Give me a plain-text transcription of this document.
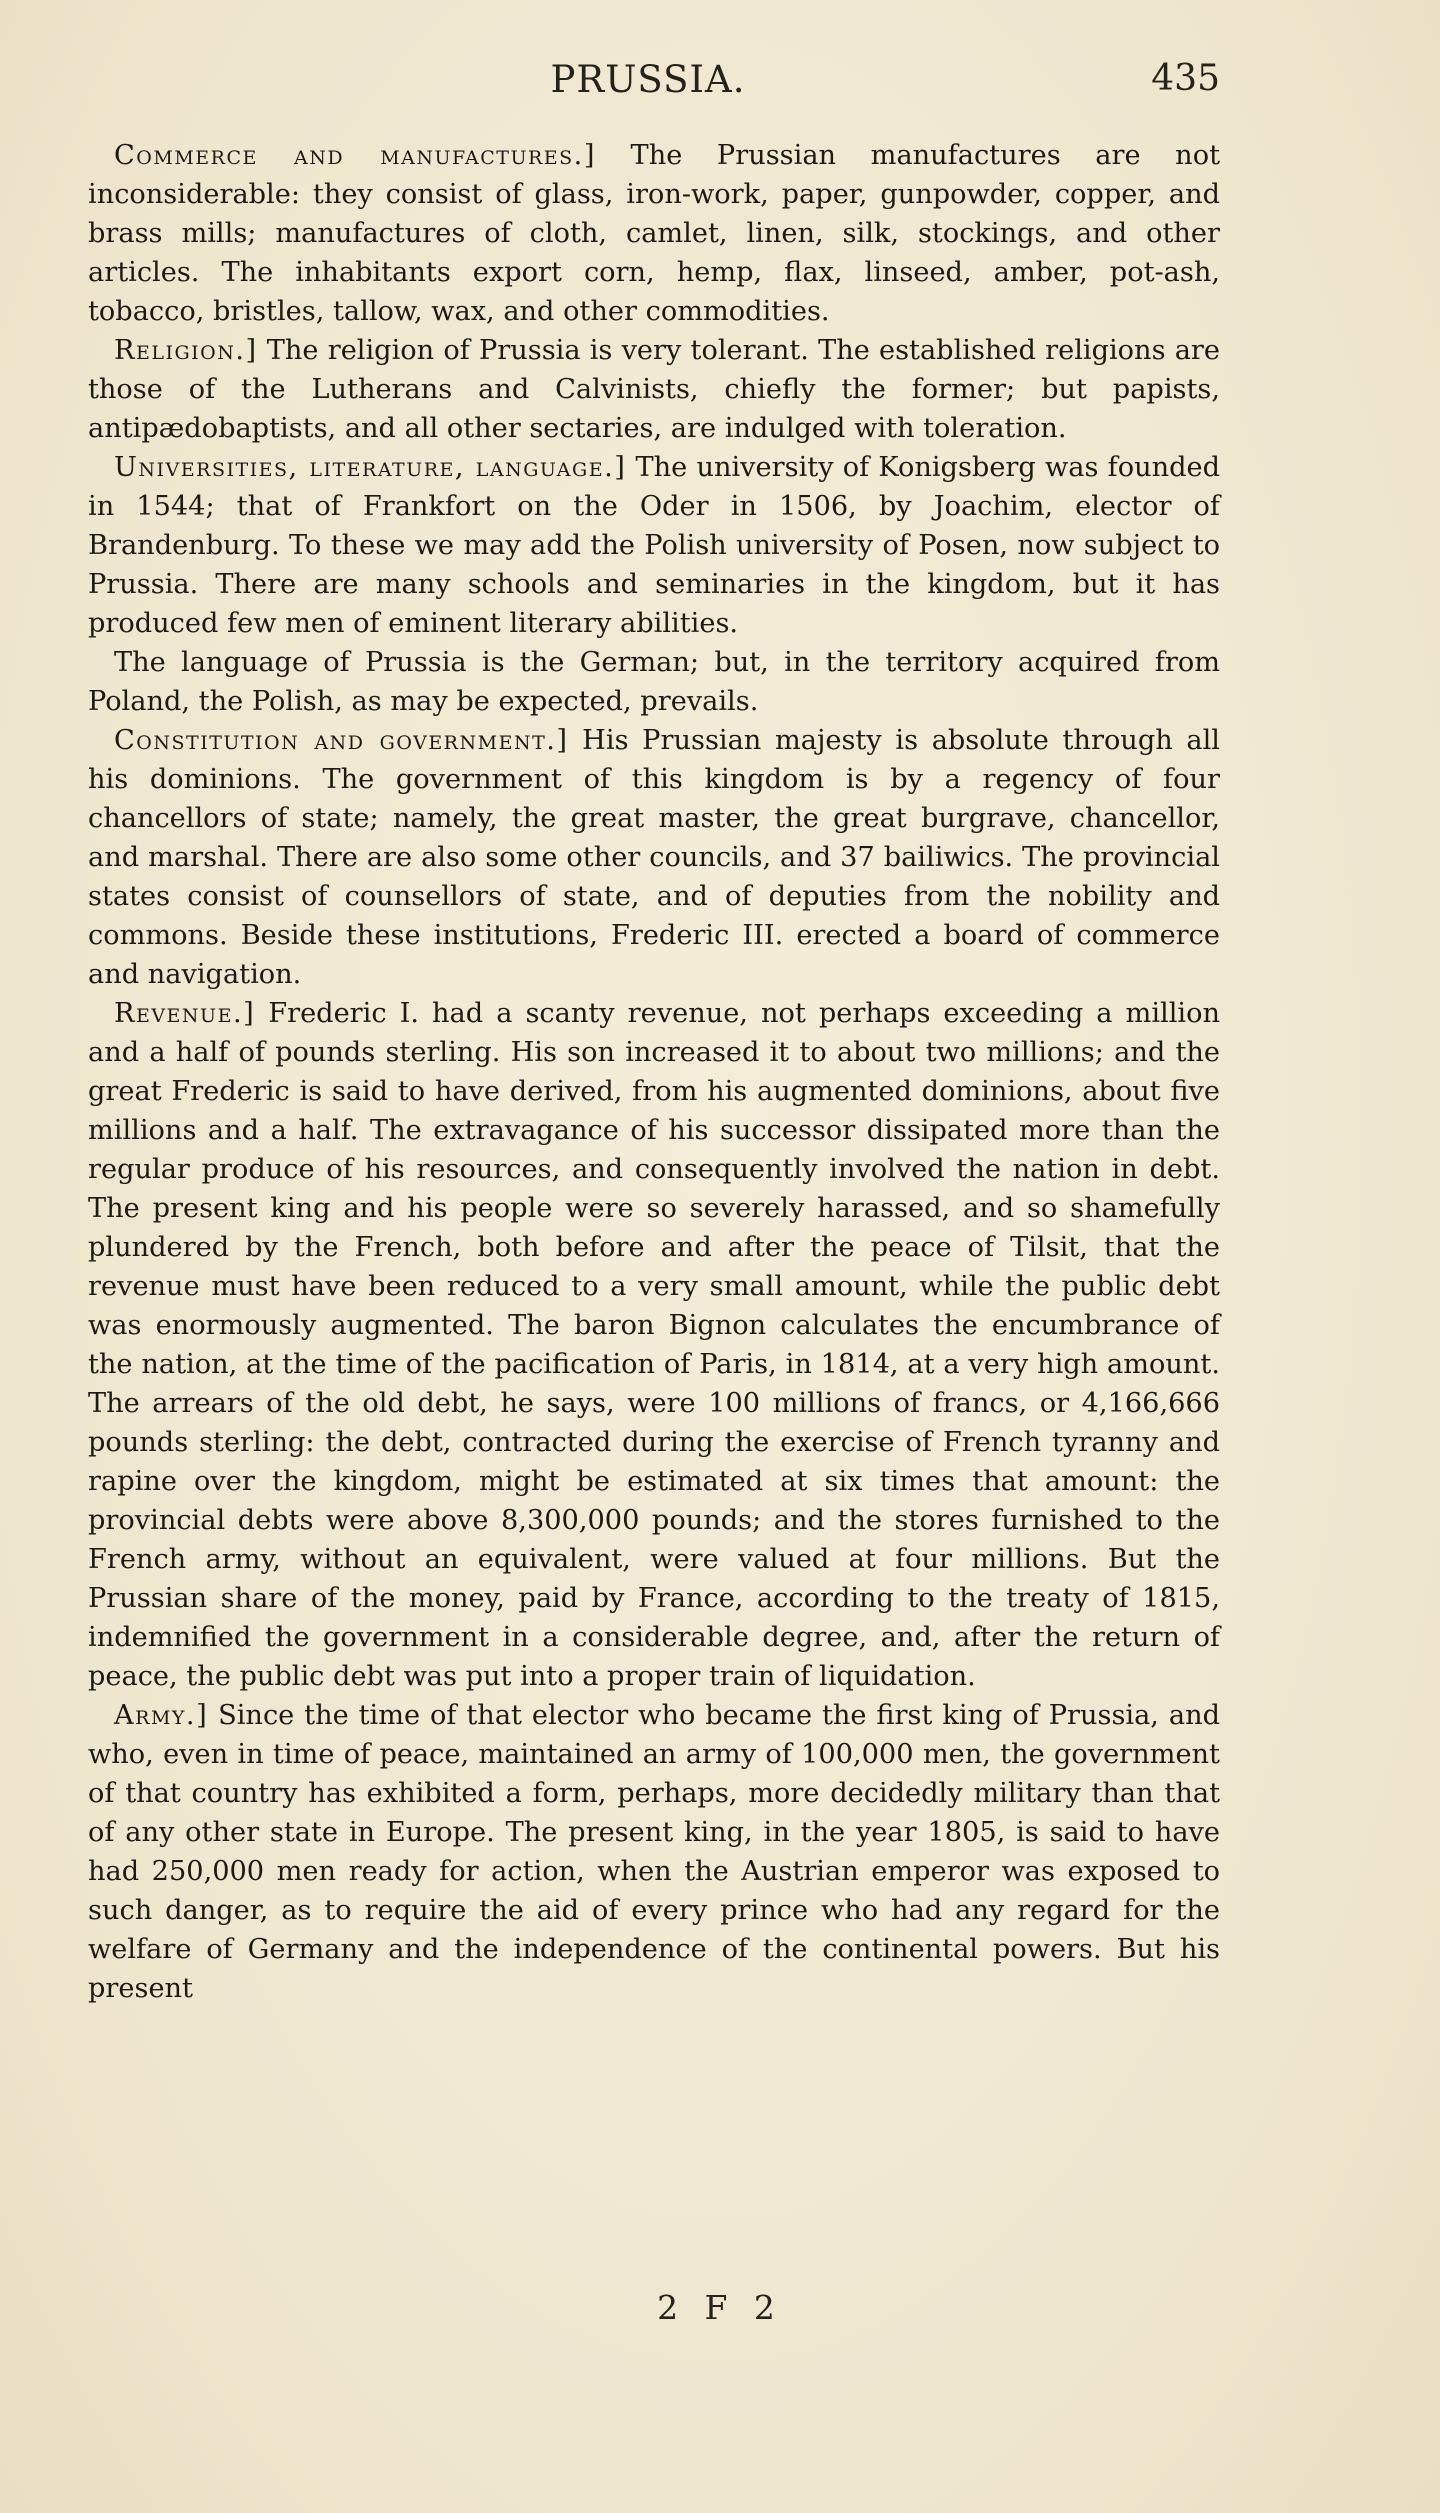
PRUSSIA.	435

Commerce and manufactures.] The Prussian manufactures are not inconsiderable: they consist of glass, iron-work, paper, gunpowder, copper, and brass mills; manufactures of cloth, camlet, linen, silk, stockings, and other articles. The inhabitants export corn, hemp, flax, linseed, amber, pot-ash, tobacco, bristles, tallow, wax, and other commodities.

Religion.] The religion of Prussia is very tolerant. The established religions are those of the Lutherans and Calvinists, chiefly the former; but papists, antipædobaptists, and all other sectaries, are indulged with toleration.

Universities, literature, language.] The university of Konigsberg was founded in 1544; that of Frankfort on the Oder in 1506, by Joachim, elector of Brandenburg. To these we may add the Polish university of Posen, now subject to Prussia. There are many schools and seminaries in the kingdom, but it has produced few men of eminent literary abilities.

The language of Prussia is the German; but, in the territory acquired from Poland, the Polish, as may be expected, prevails.

Constitution and government.] His Prussian majesty is absolute through all his dominions. The government of this kingdom is by a regency of four chancellors of state; namely, the great master, the great burgrave, chancellor, and marshal. There are also some other councils, and 37 bailiwics. The provincial states consist of counsellors of state, and of deputies from the nobility and commons. Beside these institutions, Frederic III. erected a board of commerce and navigation.

Revenue.] Frederic I. had a scanty revenue, not perhaps exceeding a million and a half of pounds sterling. His son increased it to about two millions; and the great Frederic is said to have derived, from his augmented dominions, about five millions and a half. The extravagance of his successor dissipated more than the regular produce of his resources, and consequently involved the nation in debt. The present king and his people were so severely harassed, and so shamefully plundered by the French, both before and after the peace of Tilsit, that the revenue must have been reduced to a very small amount, while the public debt was enormously augmented. The baron Bignon calculates the encumbrance of the nation, at the time of the pacification of Paris, in 1814, at a very high amount. The arrears of the old debt, he says, were 100 millions of francs, or 4,166,666 pounds sterling: the debt, contracted during the exercise of French tyranny and rapine over the kingdom, might be estimated at six times that amount: the provincial debts were above 8,300,000 pounds; and the stores furnished to the French army, without an equivalent, were valued at four millions. But the Prussian share of the money, paid by France, according to the treaty of 1815, indemnified the government in a considerable degree, and, after the return of peace, the public debt was put into a proper train of liquidation.

Army.] Since the time of that elector who became the first king of Prussia, and who, even in time of peace, maintained an army of 100,000 men, the government of that country has exhibited a form, perhaps, more decidedly military than that of any other state in Europe. The present king, in the year 1805, is said to have had 250,000 men ready for action, when the Austrian emperor was exposed to such danger, as to require the aid of every prince who had any regard for the welfare of Germany and the independence of the continental powers. But his present

2 F 2
